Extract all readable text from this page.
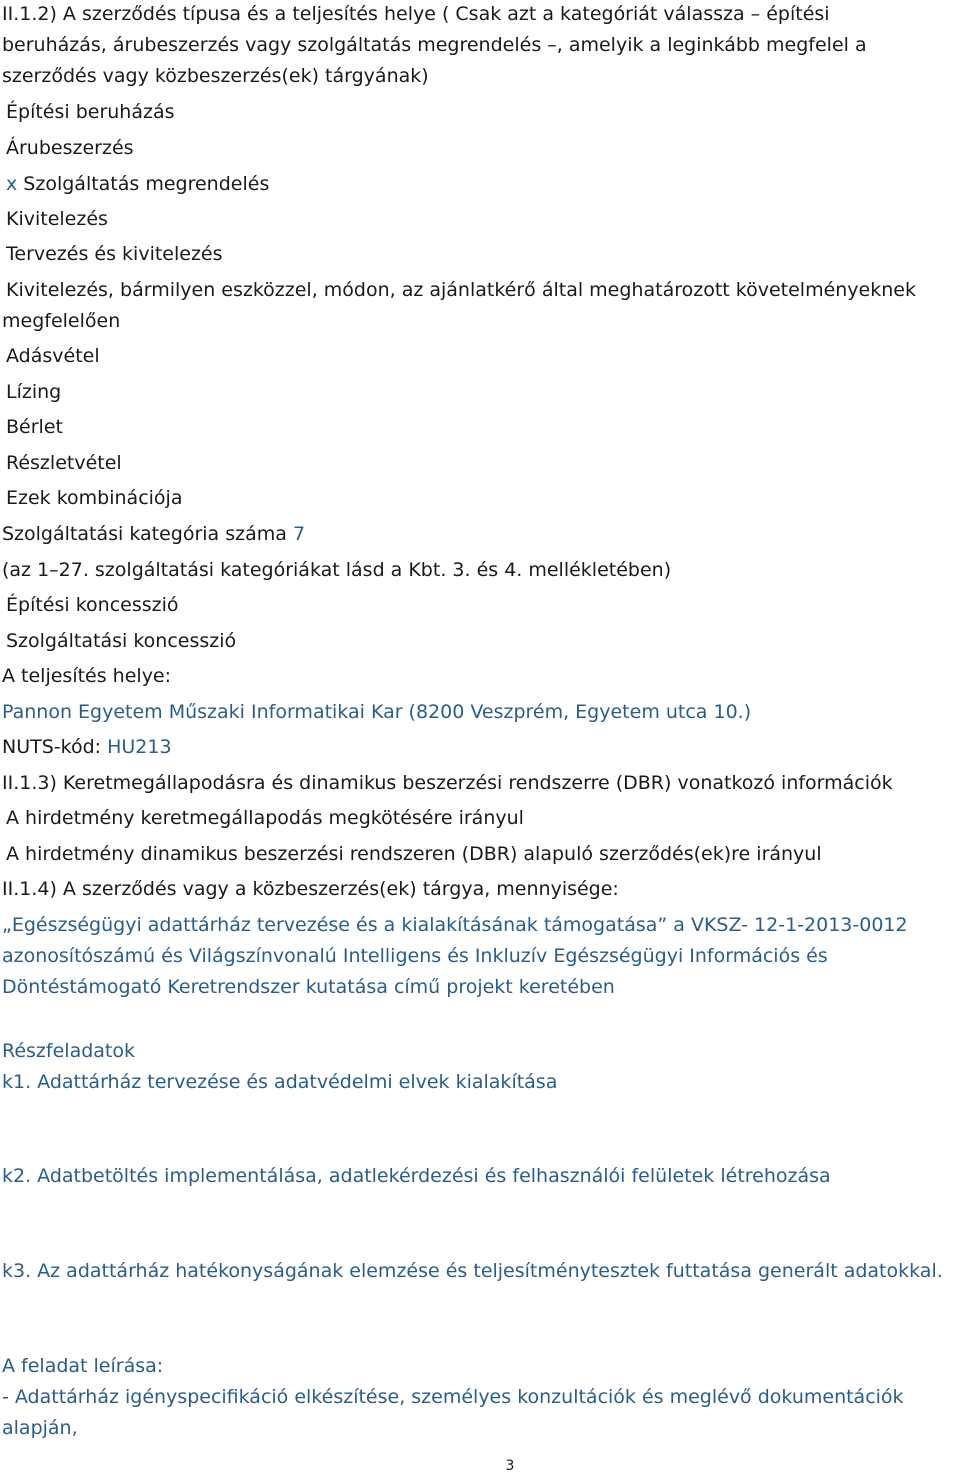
II.1.2) A szerződés típusa és a teljesítés helye ( Csak azt a kategóriát válassza – építési
beruházás, árubeszerzés vagy szolgáltatás megrendelés –, amelyik a leginkább megfelel a
szerződés vagy közbeszerzés(ek) tárgyának)
Építési beruházás
Árubeszerzés
x Szolgáltatás megrendelés
Kivitelezés
Tervezés és kivitelezés
Kivitelezés, bármilyen eszközzel, módon, az ajánlatkérő által meghatározott követelményeknek
megfelelően
Adásvétel
Lízing
Bérlet
Részletvétel
Ezek kombinációja
Szolgáltatási kategória száma 7
(az 1–27. szolgáltatási kategóriákat lásd a Kbt. 3. és 4. mellékletében)
Építési koncesszió
Szolgáltatási koncesszió
A teljesítés helye:
Pannon Egyetem Műszaki Informatikai Kar (8200 Veszprém, Egyetem utca 10.)
NUTS-kód: HU213
II.1.3) Keretmegállapodásra és dinamikus beszerzési rendszerre (DBR) vonatkozó információk
A hirdetmény keretmegállapodás megkötésére irányul
A hirdetmény dinamikus beszerzési rendszeren (DBR) alapuló szerződés(ek)re irányul
II.1.4) A szerződés vagy a közbeszerzés(ek) tárgya, mennyisége:
„Egészségügyi adattárház tervezése és a kialakításának támogatása” a VKSZ- 12-1-2013-0012
azonosítószámú és Világszínvonalú Intelligens és Inkluzív Egészségügyi Információs és
Döntéstámogató Keretrendszer kutatása című projekt keretében
Részfeladatok
k1. Adattárház tervezése és adatvédelmi elvek kialakítása
k2. Adatbetöltés implementálása, adatlekérdezési és felhasználói felületek létrehozása
k3. Az adattárház hatékonyságának elemzése és teljesítménytesztek futtatása generált adatokkal.
A feladat leírása:
- Adattárház igényspecifikáció elkészítése, személyes konzultációk és meglévő dokumentációk
alapján,
3
